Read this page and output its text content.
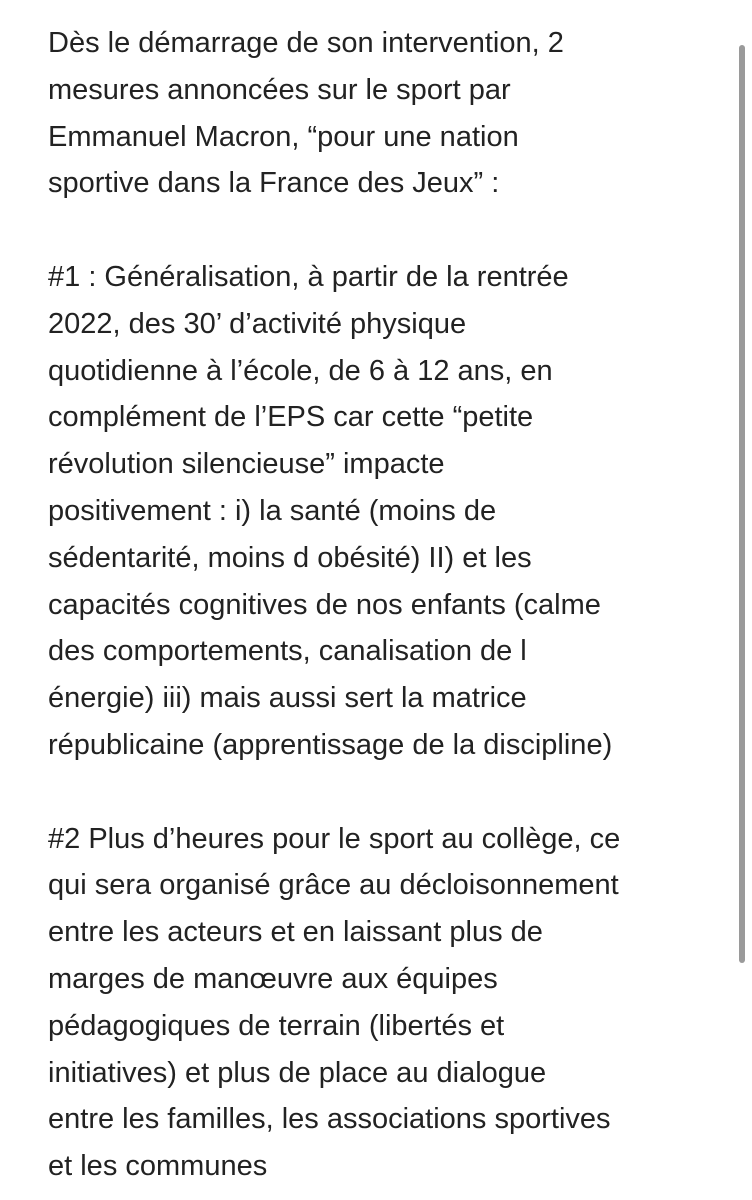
Dès le démarrage de son intervention, 2
mesures annoncées sur le sport par
Emmanuel Macron, “pour une nation
sportive dans la France des Jeux” :

#1 : Généralisation, à partir de la rentrée
2022, des 30’ d’activité physique
quotidienne à l’école, de 6 à 12 ans, en
complément de l’EPS car cette “petite
révolution silencieuse” impacte
positivement : i) la santé (moins de
sédentarité, moins d obésité) II) et les
capacités cognitives de nos enfants (calme
des comportements, canalisation de l
énergie) iii) mais aussi sert la matrice
républicaine (apprentissage de la discipline)

#2 Plus d’heures pour le sport au collège, ce
qui sera organisé grâce au décloisonnement
entre les acteurs et en laissant plus de
marges de manœuvre aux équipes
pédagogiques de terrain (libertés et
initiatives) et plus de place au dialogue
entre les familles, les associations sportives
et les communes
